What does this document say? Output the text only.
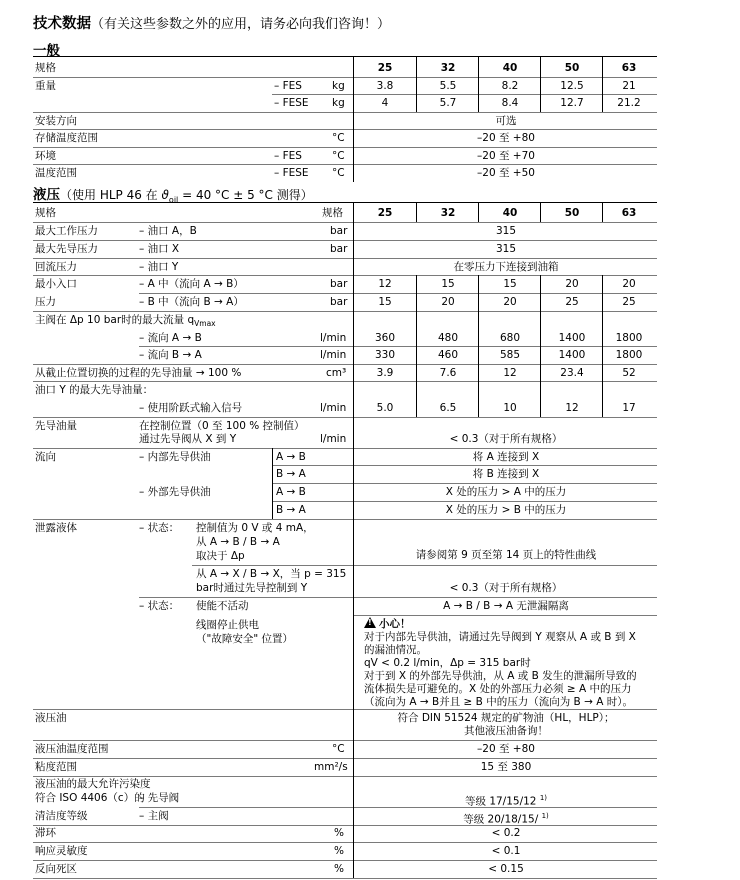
技术数据（有关这些参数之外的应用，请务必向我们咨询！）
一般
规格	25	32	40	50	63
重量	– FES	kg	3.8	5.5	8.2	12.5	21
– FESE kg	4	5.7	8.4	12.7	21.2
安装方向	可选
存储温度范围	°C	–20 至 +80
环境	– FES	°C	–20 至 +70
温度范围	– FESE °C	–20 至 +50
液压（使用 HLP 46 在 $ϑ_{oil} = 40$ °C ± 5 °C 测得）
规格	规格	25	32	40	50	63
最大工作压力	– 油口 A，B	bar	315
最大先导压力	– 油口 X	bar	315
回流压力	– 油口 Y	在零压力下连接到油箱
最小入口	– A 中（流向 A → B）	bar	12	15	15	20	20
压力	– B 中（流向 B → A）	bar	15	20	20	25	25
主阀在 Δp 10 bar时的最大流量 $q_{Vmax}$
– 流向 A → B	l/min	360	480	680	1400	1800
– 流向 B → A	l/min	330	460	585	1400	1800
从截止位置切换的过程的先导油量 → 100 %	cm³	3.9	7.6	12	23.4	52
油口 Y 的最大先导油量：
– 使用阶跃式输入信号	l/min	5.0	6.5	10	12	17
先导油量	在控制位置（0 至 100 % 控制值）
通过先导阀从 X 到 Y	l/min	< 0.3（对于所有规格）
流向	– 内部先导供油	A → B	将 A 连接到 X
B → A	将 B 连接到 X
– 外部先导供油	A → B	X 处的压力 > A 中的压力
B → A	X 处的压力 > B 中的压力
泄露液体	– 状态： 控制值为 0 V 或 4 mA，
从 A → B / B → A
取决于 Δp	请参阅第 9 页至第 14 页上的特性曲线
从 A → X / B → X，当 p = 315
bar时通过先导控制到 Y	< 0.3（对于所有规格）
– 状态： 使能不活动	A → B / B → A 无泄漏隔离
线圈停止供电
（"故障安全" 位置）
!小心！
对于内部先导供油，请通过先导阀到 Y 观察从 A 或 B 到 X
的漏油情况。
qV < 0.2 l/min，Δp = 315 bar时
对于到 X 的外部先导供油，从 A 或 B 发生的泄漏所导致的
流体损失是可避免的。X 处的外部压力必须 ≥ A 中的压力
（流向为 A → B并且 ≥ B 中的压力（流向为 B → A 时）。
液压油	符合 DIN 51524 规定的矿物油（HL，HLP）；
其他液压油备询！
液压油温度范围	°C	–20 至 +80
粘度范围	mm²/s	15 至 380
液压油的最大允许污染度
符合 ISO 4406（c）的
– 先导阀	等级 17/15/12 $^{1)}$
清洁度等级	– 主阀	等级 20/18/15/ $^{1)}$
滞环	%	< 0.2
响应灵敏度	%	< 0.1
反向死区	%	< 0.15
